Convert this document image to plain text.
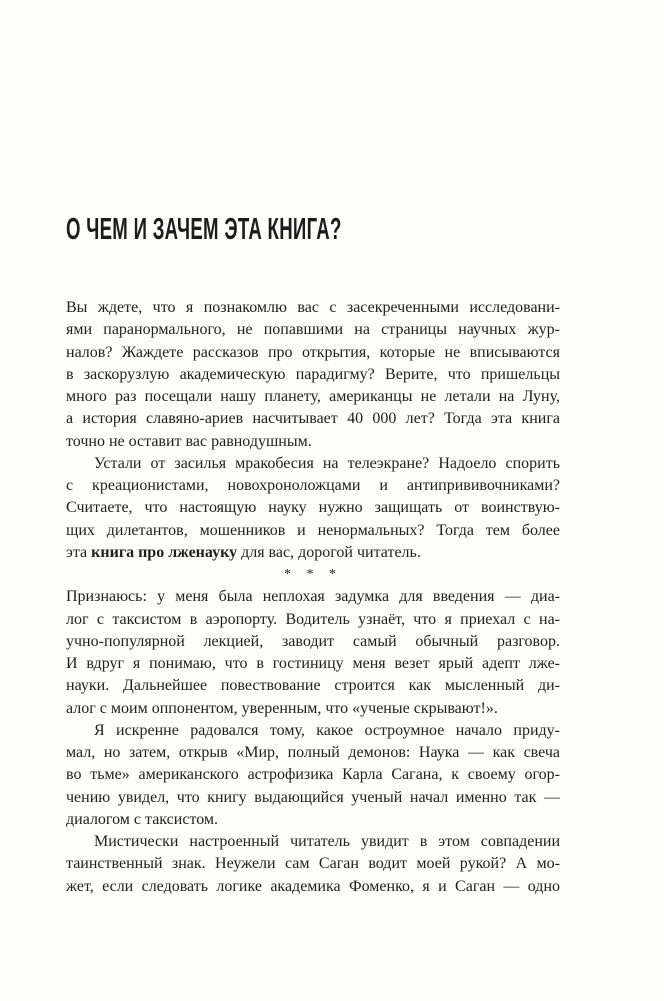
О ЧЕМ И ЗАЧЕМ ЭТА КНИГА?
Вы ждете, что я познакомлю вас с засекреченными исследовани-
ями паранормального, не попавшими на страницы научных жур-
налов? Жаждете рассказов про открытия, которые не вписываются
в заскорузлую академическую парадигму? Верите, что пришельцы
много раз посещали нашу планету, американцы не летали на Луну,
а история славяно-ариев насчитывает 40 000 лет? Тогда эта книга
точно не оставит вас равнодушным.
Устали от засилья мракобесия на телеэкране? Надоело спорить
с креационистами, новохроноложцами и антипрививочниками?
Считаете, что настоящую науку нужно защищать от воинствую-
щих дилетантов, мошенников и ненормальных? Тогда тем более
эта книга про лженауку для вас, дорогой читатель.
* * *
Признаюсь: у меня была неплохая задумка для введения — диа-
лог с таксистом в аэропорту. Водитель узнаёт, что я приехал с на-
учно-популярной лекцией, заводит самый обычный разговор.
И вдруг я понимаю, что в гостиницу меня везет ярый адепт лже-
науки. Дальнейшее повествование строится как мысленный ди-
алог с моим оппонентом, уверенным, что «ученые скрывают!».
Я искренне радовался тому, какое остроумное начало приду-
мал, но затем, открыв «Мир, полный демонов: Наука — как свеча
во тьме» американского астрофизика Карла Сагана, к своему огор-
чению увидел, что книгу выдающийся ученый начал именно так —
диалогом с таксистом.
Мистически настроенный читатель увидит в этом совпадении
таинственный знак. Неужели сам Саган водит моей рукой? А мо-
жет, если следовать логике академика Фоменко, я и Саган — одно
